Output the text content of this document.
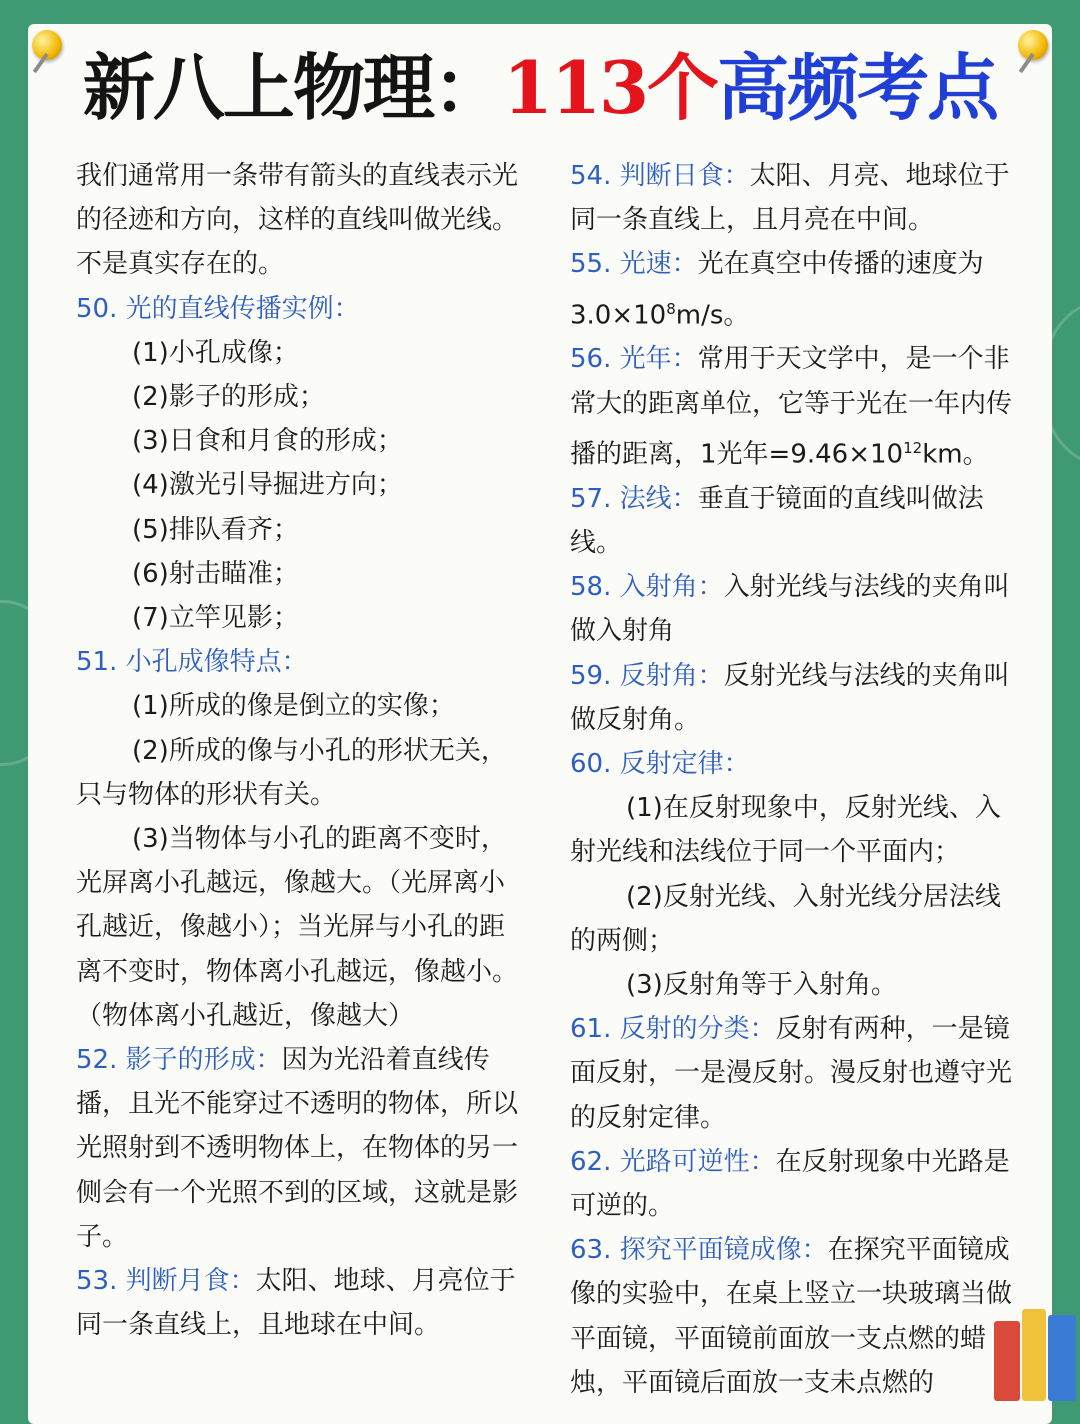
新八上物理：113个高频考点

我们通常用一条带有箭头的直线表示光的径迹和方向，这样的直线叫做光线。不是真实存在的。

50. 光的直线传播实例：

(1)小孔成像；

(2)影子的形成；

(3)日食和月食的形成；

(4)激光引导掘进方向；

(5)排队看齐；

(6)射击瞄准；

(7)立竿见影；

51. 小孔成像特点：

(1)所成的像是倒立的实像；

(2)所成的像与小孔的形状无关，只与物体的形状有关。

(3)当物体与小孔的距离不变时，光屏离小孔越远，像越大。（光屏离小孔越近，像越小）；当光屏与小孔的距离不变时，物体离小孔越远，像越小。（物体离小孔越近，像越大）

52. 影子的形成：因为光沿着直线传播，且光不能穿过不透明的物体，所以光照射到不透明物体上，在物体的另一侧会有一个光照不到的区域，这就是影子。

53. 判断月食：太阳、地球、月亮位于同一条直线上，且地球在中间。

54. 判断日食：太阳、月亮、地球位于同一条直线上，且月亮在中间。

55. 光速：光在真空中传播的速度为$3.0\times 10^8m/s$。

56. 光年：常用于天文学中，是一个非常大的距离单位，它等于光在一年内传播的距离，1光年$=9.46\times 10^{12}km$。

57. 法线：垂直于镜面的直线叫做法线。

58. 入射角：入射光线与法线的夹角叫做入射角

59. 反射角：反射光线与法线的夹角叫做反射角。

60. 反射定律：

(1)在反射现象中，反射光线、入射光线和法线位于同一个平面内；

(2)反射光线、入射光线分居法线的两侧；

(3)反射角等于入射角。

61. 反射的分类：反射有两种，一是镜面反射，一是漫反射。漫反射也遵守光的反射定律。

62. 光路可逆性：在反射现象中光路是可逆的。

63. 探究平面镜成像：在探究平面镜成像的实验中，在桌上竖立一块玻璃当做平面镜，平面镜前面放一支点燃的蜡烛，平面镜后面放一支未点燃的
